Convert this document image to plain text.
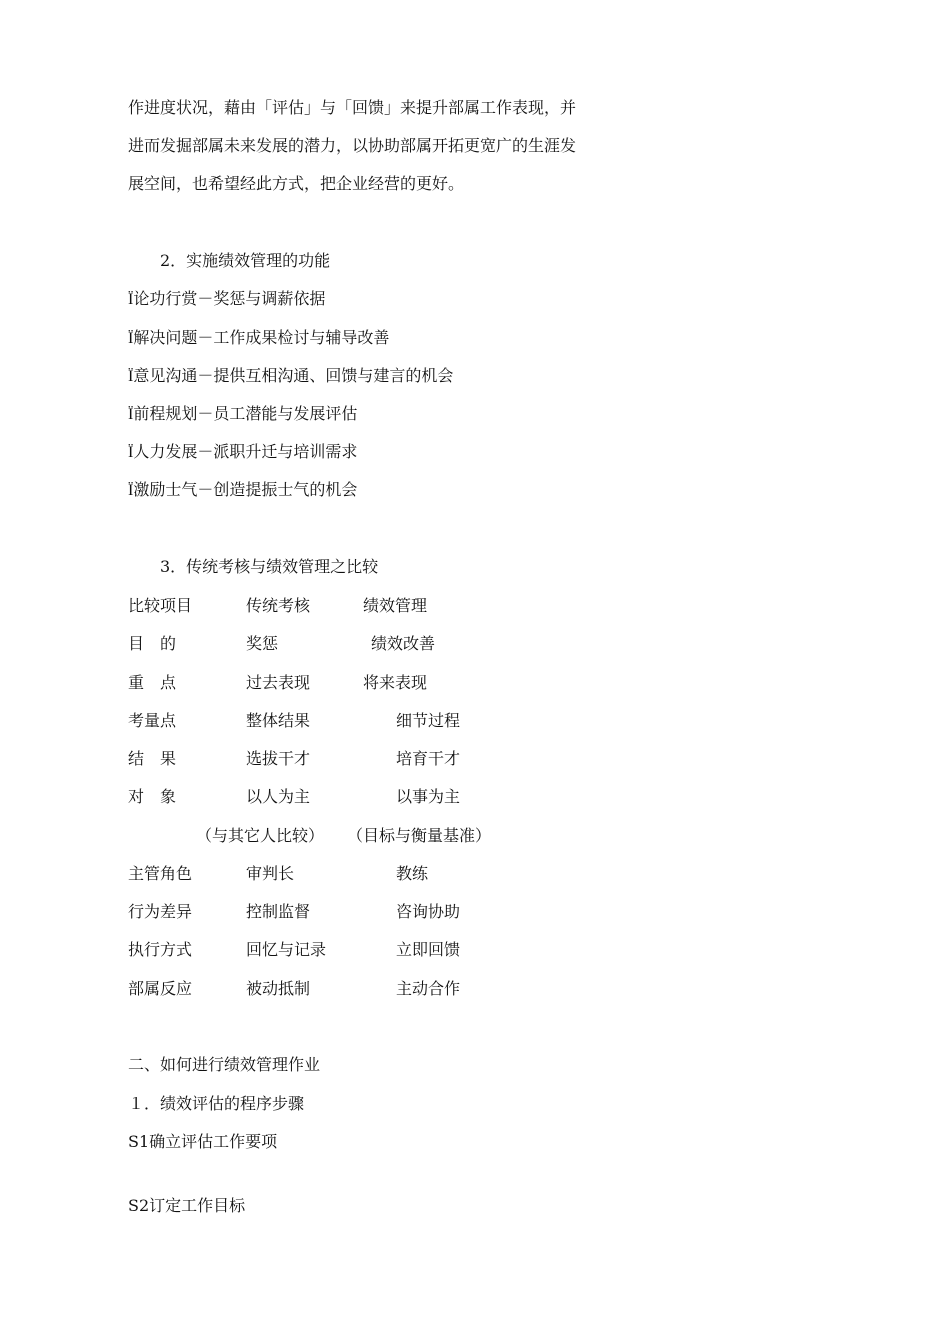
作进度状况，藉由「评估」与「回馈」来提升部属工作表现，并
进而发掘部属未来发展的潜力，以协助部属开拓更宽广的生涯发
展空间，也希望经此方式，把企业经营的更好。
2．实施绩效管理的功能
Ï论功行赏－奖惩与调薪依据
Ï解决问题－工作成果检讨与辅导改善
Ï意见沟通－提供互相沟通、回馈与建言的机会
Ï前程规划－员工潜能与发展评估
Ï人力发展－派职升迁与培训需求
Ï激励士气－创造提振士气的机会
3．传统考核与绩效管理之比较
比较项目	传统考核	绩效管理
目　的	奖惩	绩效改善
重　点	过去表现	将来表现
考量点	整体结果	细节过程
结　果	选拔干才	培育干才
对　象	以人为主	以事为主
（与其它人比较） （目标与衡量基准）
主管角色	审判长	教练
行为差异	控制监督	咨询协助
执行方式	回忆与记录	立即回馈
部属反应	被动抵制	主动合作
二、如何进行绩效管理作业
１．绩效评估的程序步骤
S1确立评估工作要项
S2订定工作目标
